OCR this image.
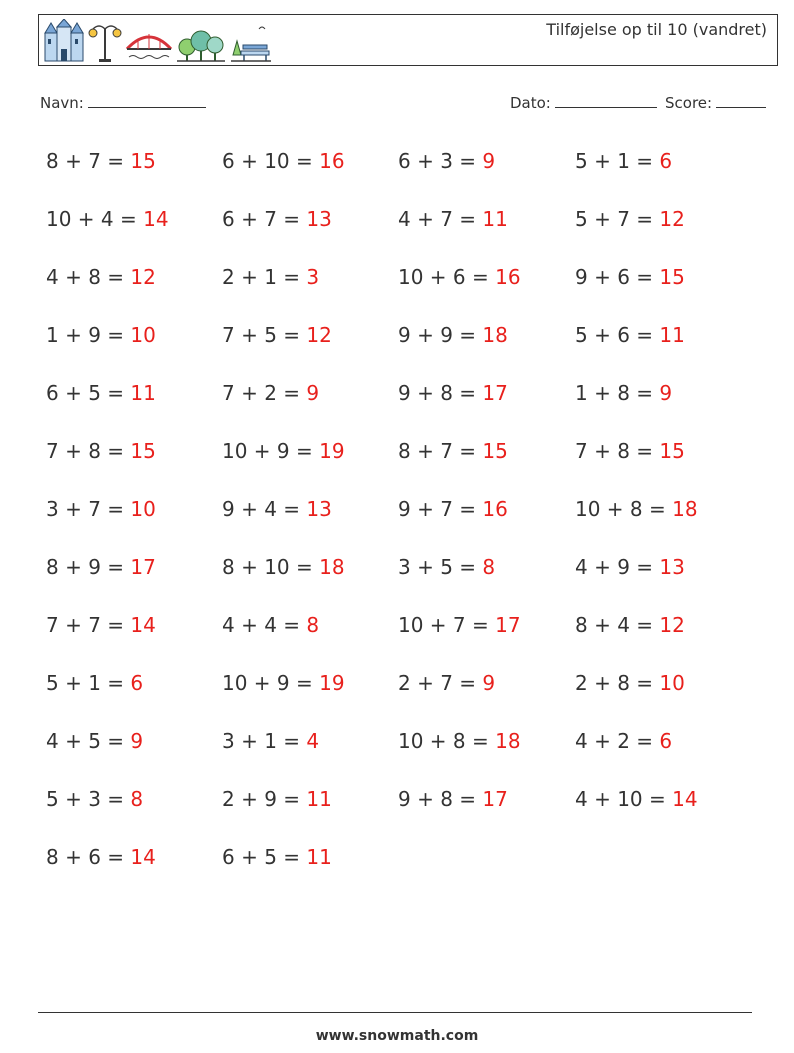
Tilføjelse op til 10 (vandret)
Navn:	Dato:	Score:
8 + 7 = 15	6 + 10 = 16	6 + 3 = 9	5 + 1 = 6
10 + 4 = 14	6 + 7 = 13	4 + 7 = 11	5 + 7 = 12
4 + 8 = 12	2 + 1 = 3	10 + 6 = 16	9 + 6 = 15
1 + 9 = 10	7 + 5 = 12	9 + 9 = 18	5 + 6 = 11
6 + 5 = 11	7 + 2 = 9	9 + 8 = 17	1 + 8 = 9
7 + 8 = 15	10 + 9 = 19	8 + 7 = 15	7 + 8 = 15
3 + 7 = 10	9 + 4 = 13	9 + 7 = 16	10 + 8 = 18
8 + 9 = 17	8 + 10 = 18	3 + 5 = 8	4 + 9 = 13
7 + 7 = 14	4 + 4 = 8	10 + 7 = 17	8 + 4 = 12
5 + 1 = 6	10 + 9 = 19	2 + 7 = 9	2 + 8 = 10
4 + 5 = 9	3 + 1 = 4	10 + 8 = 18	4 + 2 = 6
5 + 3 = 8	2 + 9 = 11	9 + 8 = 17	4 + 10 = 14
8 + 6 = 14	6 + 5 = 11
www.snowmath.com
